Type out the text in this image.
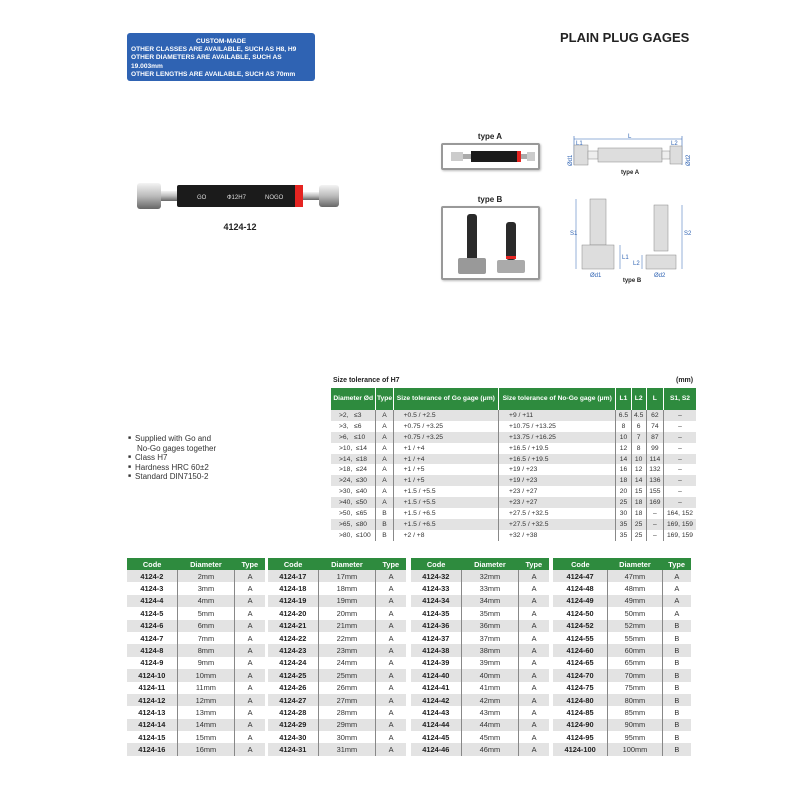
CUSTOM-MADE
OTHER CLASSES ARE AVAILABLE, SUCH AS H8, H9
OTHER DIAMETERS ARE AVAILABLE, SUCH AS 19.003mm
OTHER LENGTHS ARE AVAILABLE, SUCH AS 70mm
PLAIN PLUG GAGES
GO	Ф12H7	NOGO
4124-12
type A
type B
L
L1	L2
Ød1	Ød2
type A
S1
L1
S2
L2
Ød1	Ød2
type B
■ Supplied with Go and
No-Go gages together
■ Class H7
■ Hardness HRC 60±2
■ Standard DIN7150-2
Size tolerance of H7	(mm)
Diameter Ød	Type	Size tolerance of Go gage (μm)	Size tolerance of No-Go gage (μm)	L1	L2	L	S1, S2
>2,   ≤3	A	+0.5 / +2.5	+9 / +11	6.5	4.5	62	–
>3,   ≤6	A	+0.75 / +3.25	+10.75 / +13.25	8	6	74	–
>6,   ≤10	A	+0.75 / +3.25	+13.75 / +16.25	10	7	87	–
>10,  ≤14	A	+1 / +4	+16.5 / +19.5	12	8	99	–
>14,  ≤18	A	+1 / +4	+16.5 / +19.5	14	10	114	–
>18,  ≤24	A	+1 / +5	+19 / +23	16	12	132	–
>24,  ≤30	A	+1 / +5	+19 / +23	18	14	136	–
>30,  ≤40	A	+1.5 / +5.5	+23 / +27	20	15	155	–
>40,  ≤50	A	+1.5 / +5.5	+23 / +27	25	18	169	–
>50,  ≤65	B	+1.5 / +6.5	+27.5 / +32.5	30	18	–	164, 152
>65,  ≤80	B	+1.5 / +6.5	+27.5 / +32.5	35	25	–	169, 159
>80,  ≤100	B	+2 / +8	+32 / +38	35	25	–	169, 159
Code	Diameter	Type
4124-2	2mm	A
4124-3	3mm	A
4124-4	4mm	A
4124-5	5mm	A
4124-6	6mm	A
4124-7	7mm	A
4124-8	8mm	A
4124-9	9mm	A
4124-10	10mm	A
4124-11	11mm	A
4124-12	12mm	A
4124-13	13mm	A
4124-14	14mm	A
4124-15	15mm	A
4124-16	16mm	A
Code	Diameter	Type
4124-17	17mm	A
4124-18	18mm	A
4124-19	19mm	A
4124-20	20mm	A
4124-21	21mm	A
4124-22	22mm	A
4124-23	23mm	A
4124-24	24mm	A
4124-25	25mm	A
4124-26	26mm	A
4124-27	27mm	A
4124-28	28mm	A
4124-29	29mm	A
4124-30	30mm	A
4124-31	31mm	A
Code	Diameter	Type
4124-32	32mm	A
4124-33	33mm	A
4124-34	34mm	A
4124-35	35mm	A
4124-36	36mm	A
4124-37	37mm	A
4124-38	38mm	A
4124-39	39mm	A
4124-40	40mm	A
4124-41	41mm	A
4124-42	42mm	A
4124-43	43mm	A
4124-44	44mm	A
4124-45	45mm	A
4124-46	46mm	A
Code	Diameter	Type
4124-47	47mm	A
4124-48	48mm	A
4124-49	49mm	A
4124-50	50mm	A
4124-52	52mm	B
4124-55	55mm	B
4124-60	60mm	B
4124-65	65mm	B
4124-70	70mm	B
4124-75	75mm	B
4124-80	80mm	B
4124-85	85mm	B
4124-90	90mm	B
4124-95	95mm	B
4124-100	100mm	B
